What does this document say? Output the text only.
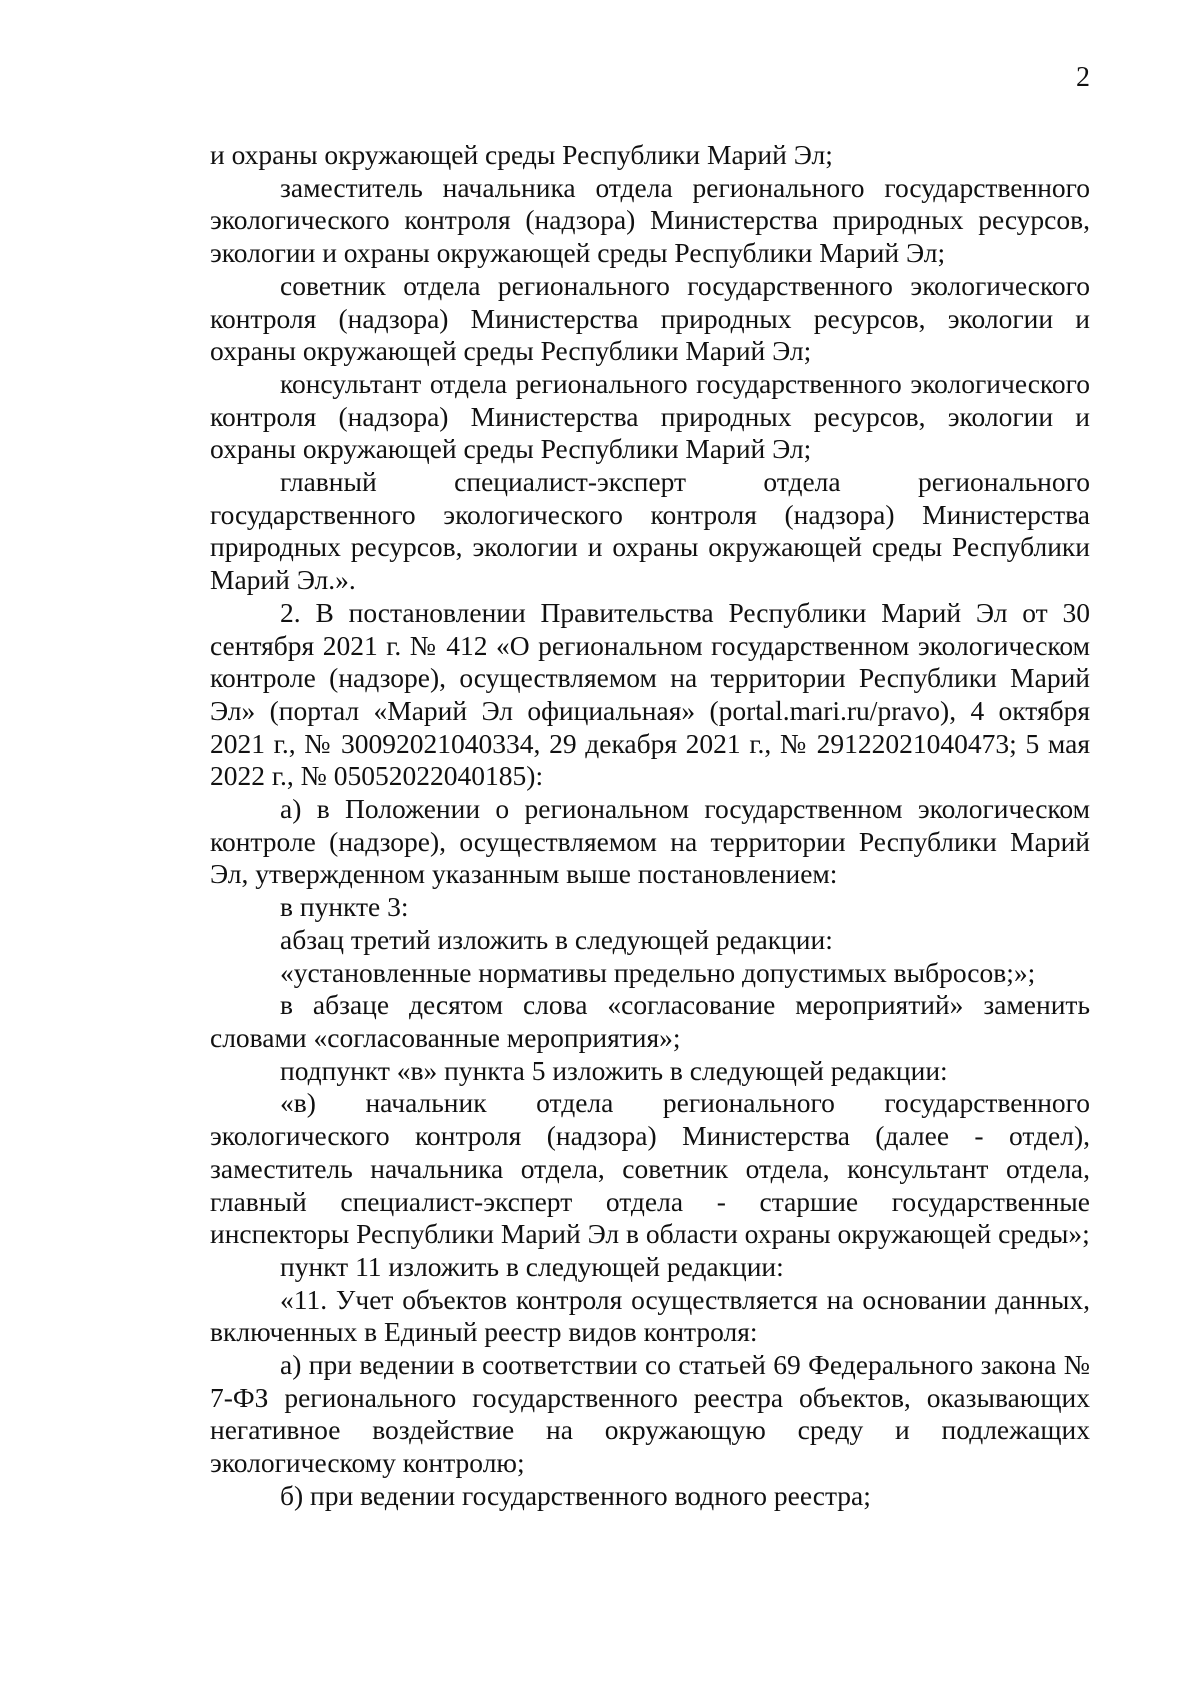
2

и охраны окружающей среды Республики Марий Эл;

заместитель начальника отдела регионального государственного экологического контроля (надзора) Министерства природных ресурсов, экологии и охраны окружающей среды Республики Марий Эл;

советник отдела регионального государственного экологического контроля (надзора) Министерства природных ресурсов, экологии и охраны окружающей среды Республики Марий Эл;

консультант отдела регионального государственного экологического контроля (надзора) Министерства природных ресурсов, экологии и охраны окружающей среды Республики Марий Эл;

главный специалист-эксперт отдела регионального государственного экологического контроля (надзора) Министерства природных ресурсов, экологии и охраны окружающей среды Республики Марий Эл.».

2. В постановлении Правительства Республики Марий Эл от 30 сентября 2021 г. № 412 «О региональном государственном экологическом контроле (надзоре), осуществляемом на территории Республики Марий Эл» (портал «Марий Эл официальная» (portal.mari.ru/pravo), 4 октября 2021 г., № 30092021040334, 29 декабря 2021 г., № 29122021040473; 5 мая 2022 г., № 05052022040185):

а) в Положении о региональном государственном экологическом контроле (надзоре), осуществляемом на территории Республики Марий Эл, утвержденном указанным выше постановлением:

в пункте 3:

абзац третий изложить в следующей редакции:

«установленные нормативы предельно допустимых выбросов;»;

в абзаце десятом слова «согласование мероприятий» заменить словами «согласованные мероприятия»;

подпункт «в» пункта 5 изложить в следующей редакции:

«в) начальник отдела регионального государственного экологического контроля (надзора) Министерства (далее - отдел), заместитель начальника отдела, советник отдела, консультант отдела, главный специалист-эксперт отдела - старшие государственные инспекторы Республики Марий Эл в области охраны окружающей среды»;

пункт 11 изложить в следующей редакции:

«11. Учет объектов контроля осуществляется на основании данных, включенных в Единый реестр видов контроля:

а) при ведении в соответствии со статьей 69 Федерального закона № 7-ФЗ регионального государственного реестра объектов, оказывающих негативное воздействие на окружающую среду и подлежащих экологическому контролю;

б) при ведении государственного водного реестра;
